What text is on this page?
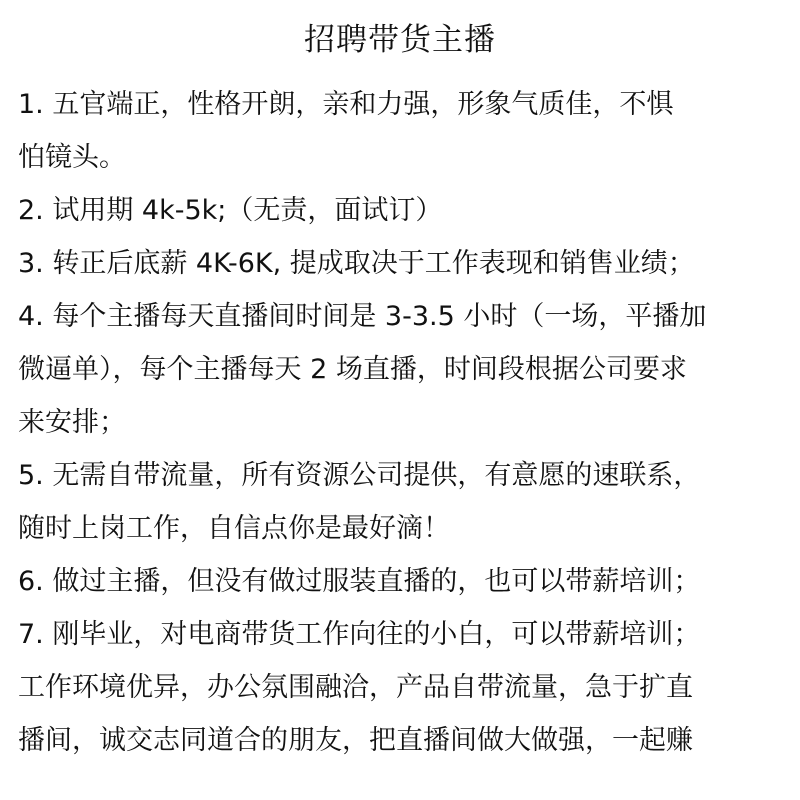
招聘带货主播
1. 五官端正，性格开朗，亲和力强，形象气质佳，不惧
怕镜头。
2. 试用期 4k-5k;（无责，面试订）
3. 转正后底薪 4K-6K, 提成取决于工作表现和销售业绩；
4. 每个主播每天直播间时间是 3-3.5 小时（一场，平播加
微逼单），每个主播每天 2 场直播，时间段根据公司要求
来安排；
5. 无需自带流量，所有资源公司提供，有意愿的速联系，
随时上岗工作，自信点你是最好滴！
6. 做过主播，但没有做过服装直播的，也可以带薪培训；
7. 刚毕业，对电商带货工作向往的小白，可以带薪培训；
工作环境优异，办公氛围融洽，产品自带流量，急于扩直
播间，诚交志同道合的朋友，把直播间做大做强，一起赚
